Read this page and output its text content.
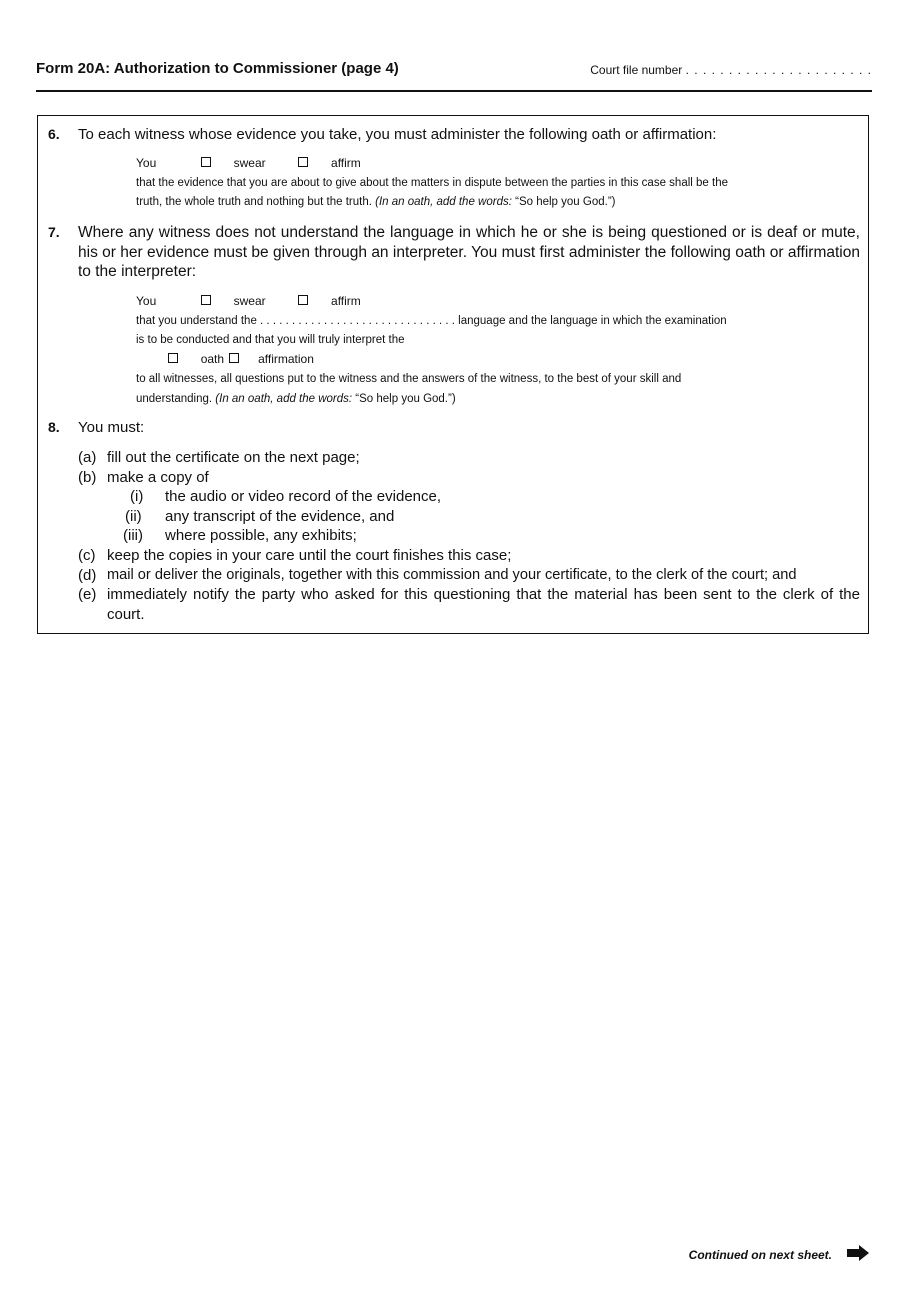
Form 20A: Authorization to Commissioner (page 4)	Court file number . . . . . . . . . . . . . . . . . . . . . .
6. To each witness whose evidence you take, you must administer the following oath or affirmation:
You	swear	affirm
that the evidence that you are about to give about the matters in dispute between the parties in this case shall be the
truth, the whole truth and nothing but the truth. (In an oath, add the words: “So help you God.”)
7. Where any witness does not understand the language in which he or she is being questioned or is deaf or mute, his or her evidence must be given through an interpreter. You must first administer the following oath or affirmation to the interpreter:
You	swear	affirm
that you understand the . . . . . . . . . . . . . . . . . . . . . . . . . . . . . . . language and the language in which the examination
is to be conducted and that you will truly interpret the
oath	affirmation
to all witnesses, all questions put to the witness and the answers of the witness, to the best of your skill and
understanding. (In an oath, add the words: “So help you God.”)
8. You must:
(a) fill out the certificate on the next page;
(b) make a copy of
(i) the audio or video record of the evidence,
(ii) any transcript of the evidence, and
(iii) where possible, any exhibits;
(c) keep the copies in your care until the court finishes this case;
(d) mail or deliver the originals, together with this commission and your certificate, to the clerk of the court; and
(e) immediately notify the party who asked for this questioning that the material has been sent to the clerk of the court.
Continued on next sheet.
